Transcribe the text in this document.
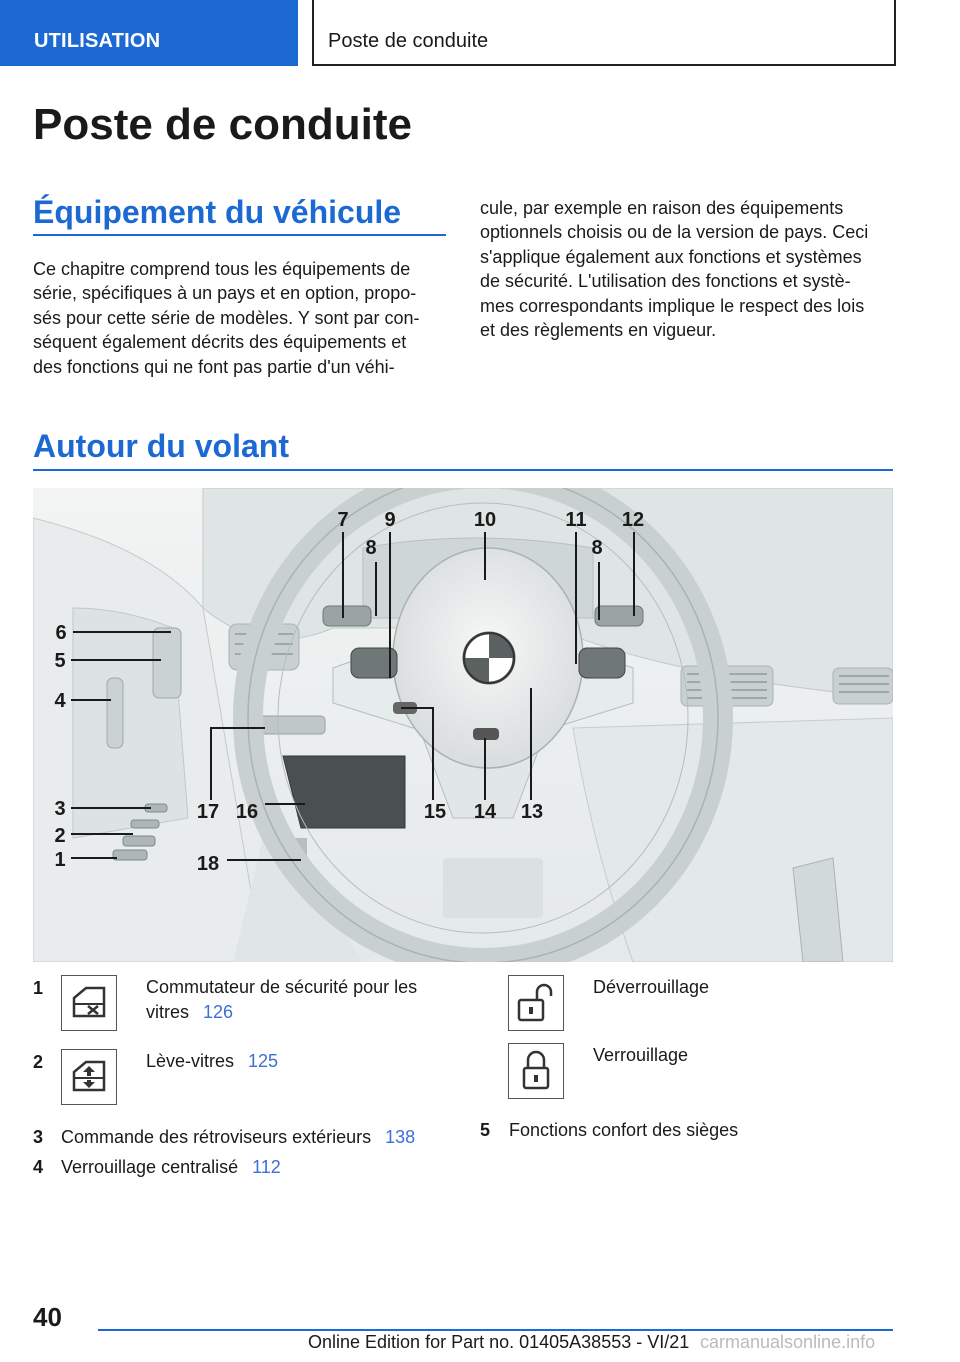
UTILISATION	Poste de conduite
Poste de conduite
Équipement du véhicule
Ce chapitre comprend tous les équipements de
série, spécifiques à un pays et en option, propo-
sés pour cette série de modèles. Y sont par con-
séquent également décrits des équipements et
des fonctions qui ne font pas partie d'un véhi-
cule, par exemple en raison des équipements
optionnels choisis ou de la version de pays. Ceci
s'applique également aux fonctions et systèmes
de sécurité. L'utilisation des fonctions et systè-
mes correspondants implique le respect des lois
et des règlements en vigueur.
Autour du volant
7
8
9	10	11 12
8
6
5
4
3
2
1
17 16
18
15 14 13
1	Commutateur de sécurité pour les
vitres 126
2	Lève-vitres 125
3 Commande des rétroviseurs extérieurs 138
4 Verrouillage centralisé 112
Déverrouillage
Verrouillage
5 Fonctions confort des sièges
40
Online Edition for Part no. 01405A38553 - VI/21 carmanualsonline.info
